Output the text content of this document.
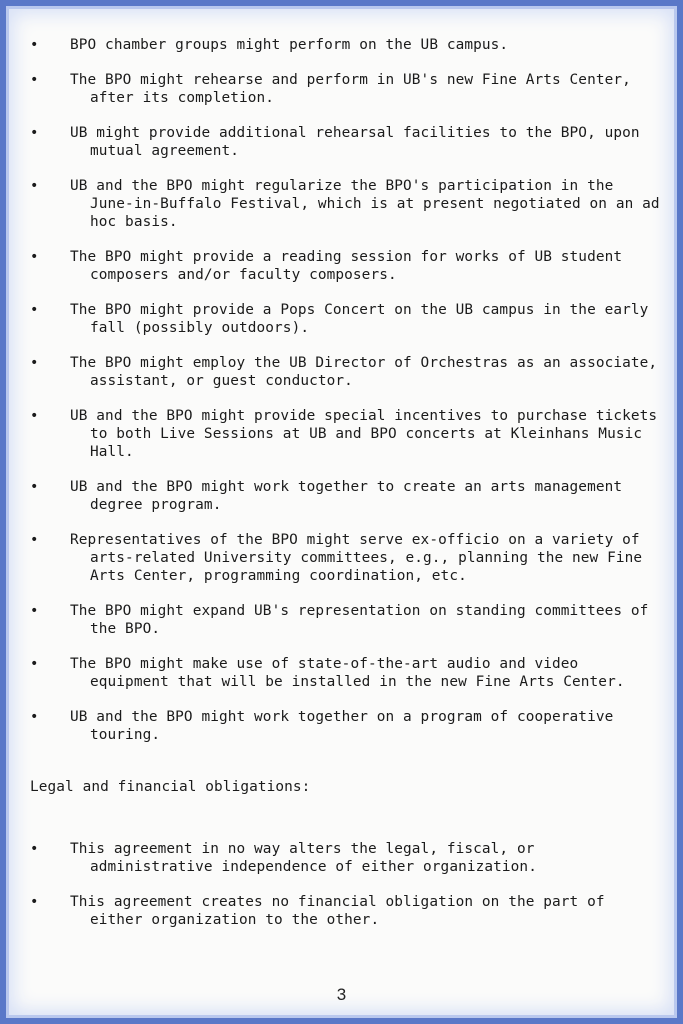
• BPO chamber groups might perform on the UB campus.
• The BPO might rehearse and perform in UB's new Fine Arts Center, after its completion.
• UB might provide additional rehearsal facilities to the BPO, upon mutual agreement.
• UB and the BPO might regularize the BPO's participation in the June-in-Buffalo Festival, which is at present negotiated on an ad hoc basis.
• The BPO might provide a reading session for works of UB student composers and/or faculty composers.
• The BPO might provide a Pops Concert on the UB campus in the early fall (possibly outdoors).
• The BPO might employ the UB Director of Orchestras as an associate, assistant, or guest conductor.
• UB and the BPO might provide special incentives to purchase tickets to both Live Sessions at UB and BPO concerts at Kleinhans Music Hall.
• UB and the BPO might work together to create an arts management degree program.
• Representatives of the BPO might serve ex-officio on a variety of arts-related University committees, e.g., planning the new Fine Arts Center, programming coordination, etc.
• The BPO might expand UB's representation on standing committees of the BPO.
• The BPO might make use of state-of-the-art audio and video equipment that will be installed in the new Fine Arts Center.
• UB and the BPO might work together on a program of cooperative touring.
Legal and financial obligations:
• This agreement in no way alters the legal, fiscal, or administrative independence of either organization.
• This agreement creates no financial obligation on the part of either organization to the other.
3
